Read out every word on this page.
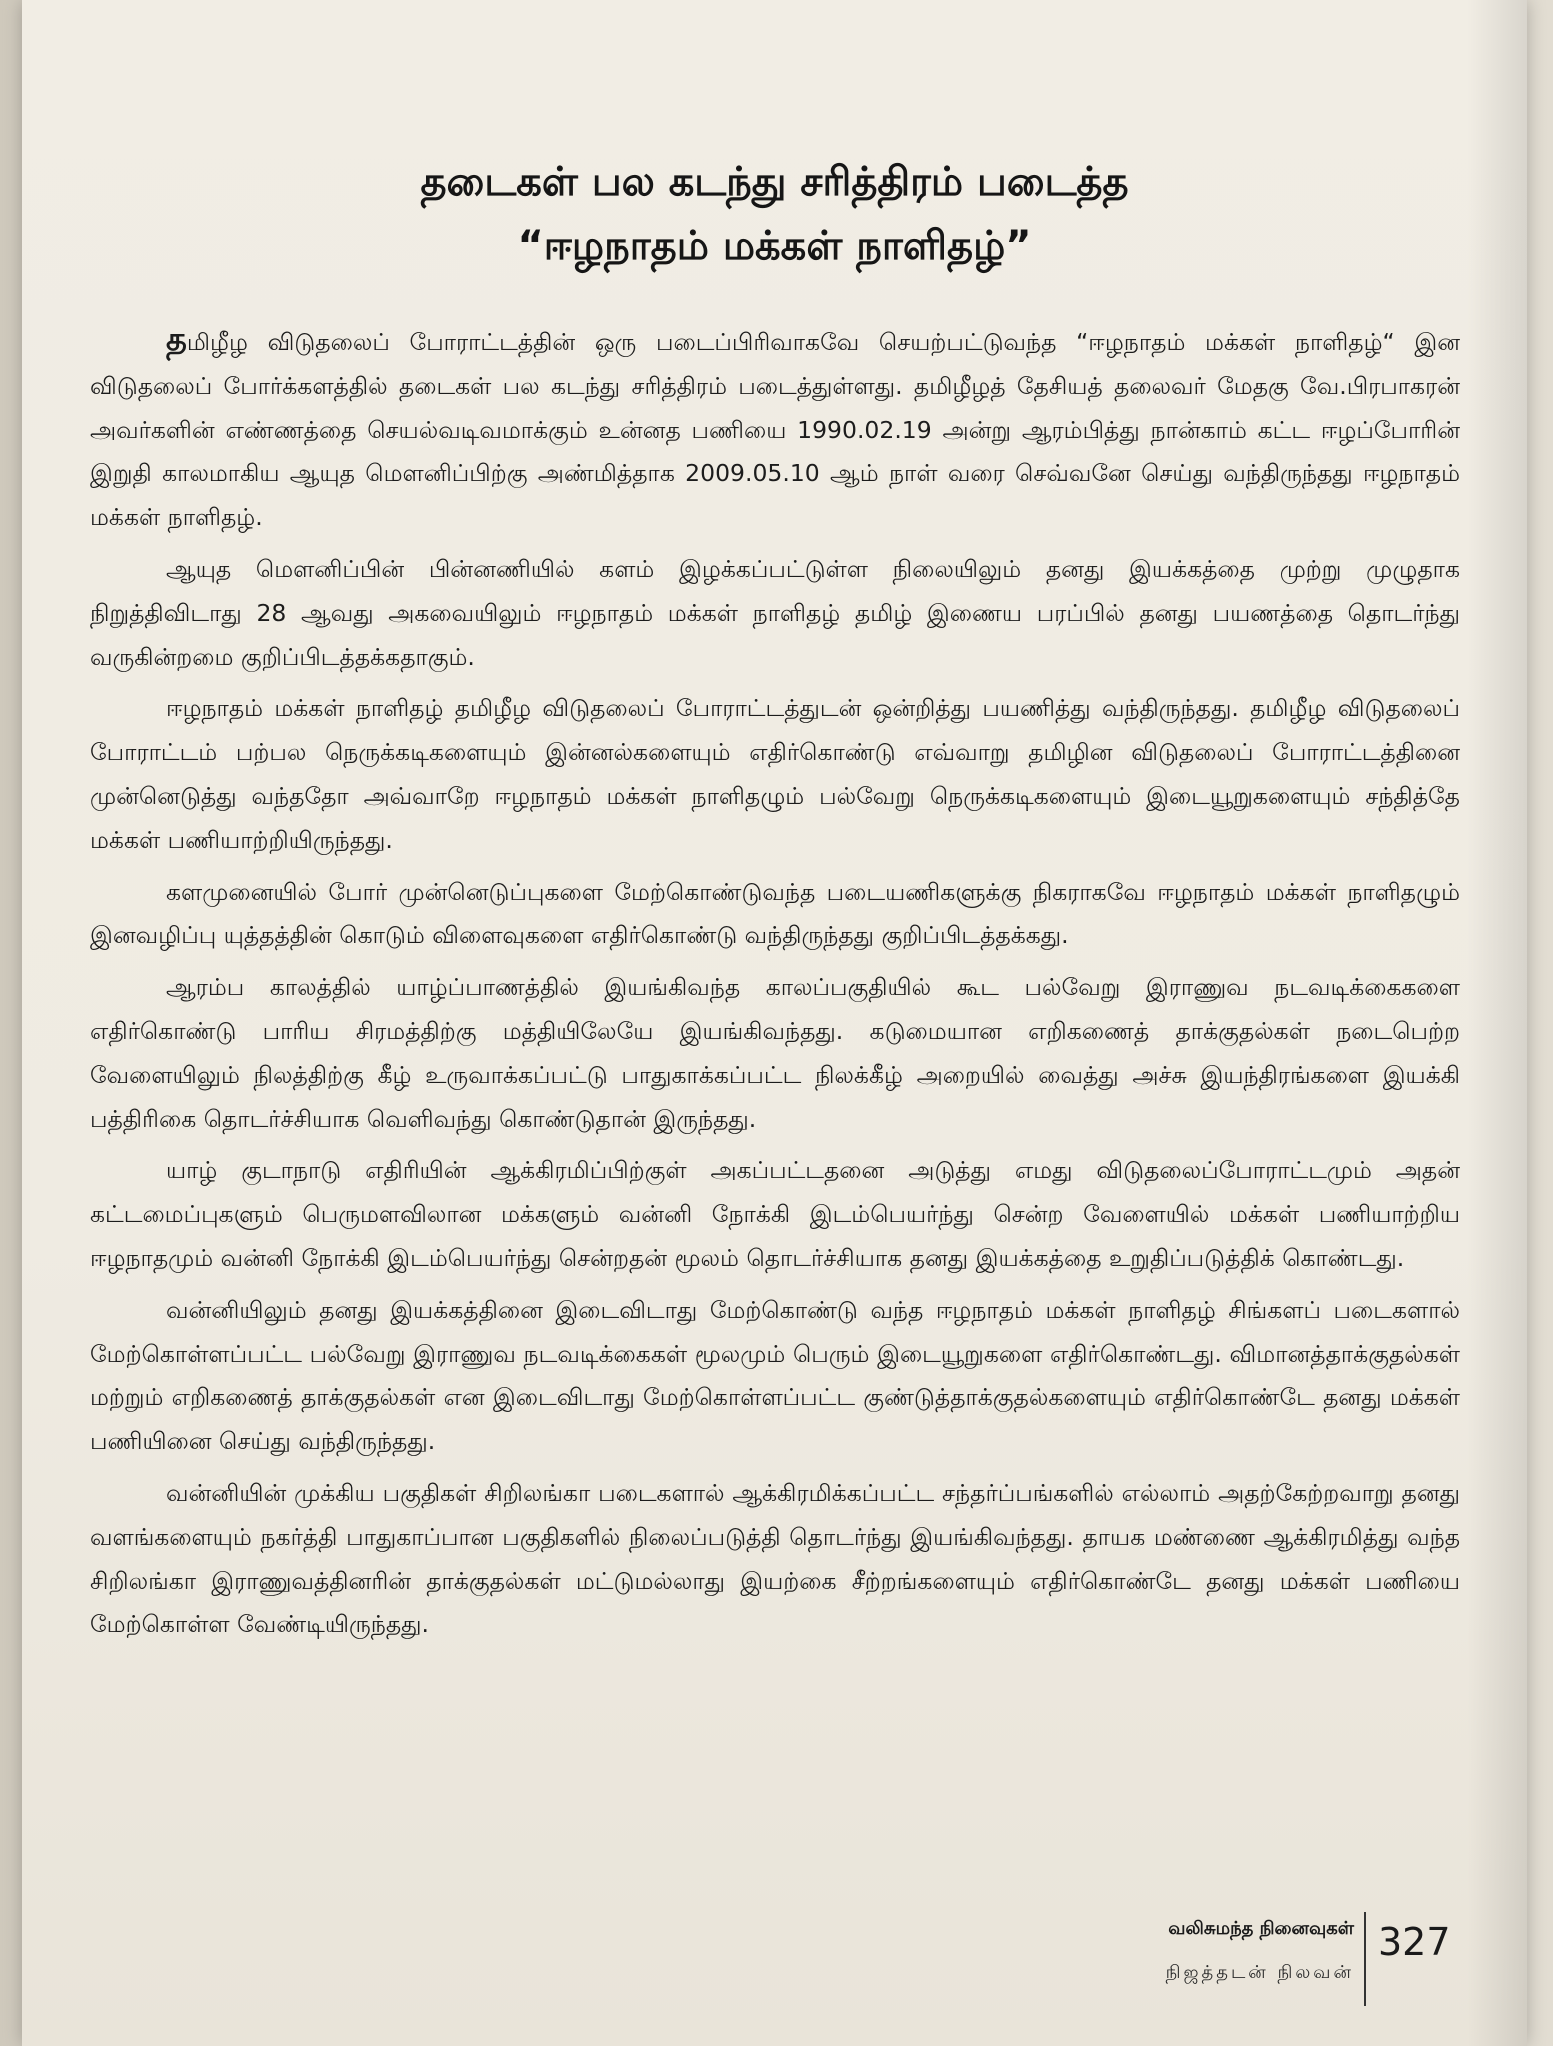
தடைகள் பல கடந்து சரித்திரம் படைத்த
“ஈழநாதம் மக்கள் நாளிதழ்”

தமிழீழ விடுதலைப் போராட்டத்தின் ஒரு படைப்பிரிவாகவே செயற்பட்டுவந்த “ஈழநாதம் மக்கள் நாளிதழ்“ இன விடுதலைப் போர்க்களத்தில் தடைகள் பல கடந்து சரித்திரம் படைத்துள்ளது. தமிழீழத் தேசியத் தலைவர் மேதகு வே.பிரபாகரன் அவர்களின் எண்ணத்தை செயல்வடிவமாக்கும் உன்னத பணியை 1990.02.19 அன்று ஆரம்பித்து நான்காம் கட்ட ஈழப்போரின் இறுதி காலமாகிய ஆயுத மௌனிப்பிற்கு அண்மித்தாக 2009.05.10 ஆம் நாள் வரை செவ்வனே செய்து வந்திருந்தது ஈழநாதம் மக்கள் நாளிதழ்.

ஆயுத மௌனிப்பின் பின்னணியில் களம் இழக்கப்பட்டுள்ள நிலையிலும் தனது இயக்கத்தை முற்று முழுதாக நிறுத்திவிடாது 28 ஆவது அகவையிலும் ஈழநாதம் மக்கள் நாளிதழ் தமிழ் இணைய பரப்பில் தனது பயணத்தை தொடர்ந்து வருகின்றமை குறிப்பிடத்தக்கதாகும்.

ஈழநாதம் மக்கள் நாளிதழ் தமிழீழ விடுதலைப் போராட்டத்துடன் ஒன்றித்து பயணித்து வந்திருந்தது. தமிழீழ விடுதலைப் போராட்டம் பற்பல நெருக்கடிகளையும் இன்னல்களையும் எதிர்கொண்டு எவ்வாறு தமிழின விடுதலைப் போராட்டத்தினை முன்னெடுத்து வந்ததோ அவ்வாறே ஈழநாதம் மக்கள் நாளிதழும் பல்வேறு நெருக்கடிகளையும் இடையூறுகளையும் சந்தித்தே மக்கள் பணியாற்றியிருந்தது.

களமுனையில் போர் முன்னெடுப்புகளை மேற்கொண்டுவந்த படையணிகளுக்கு நிகராகவே ஈழநாதம் மக்கள் நாளிதழும் இனவழிப்பு யுத்தத்தின் கொடும் விளைவுகளை எதிர்கொண்டு வந்திருந்தது குறிப்பிடத்தக்கது.

ஆரம்ப காலத்தில் யாழ்ப்பாணத்தில் இயங்கிவந்த காலப்பகுதியில் கூட பல்வேறு இராணுவ நடவடிக்கைகளை எதிர்கொண்டு பாரிய சிரமத்திற்கு மத்தியிலேயே இயங்கிவந்தது. கடுமையான எறிகணைத் தாக்குதல்கள் நடைபெற்ற வேளையிலும் நிலத்திற்கு கீழ் உருவாக்கப்பட்டு பாதுகாக்கப்பட்ட நிலக்கீழ் அறையில் வைத்து அச்சு இயந்திரங்களை இயக்கி பத்திரிகை தொடர்ச்சியாக வெளிவந்து கொண்டுதான் இருந்தது.

யாழ் குடாநாடு எதிரியின் ஆக்கிரமிப்பிற்குள் அகப்பட்டதனை அடுத்து எமது விடுதலைப்போராட்டமும் அதன் கட்டமைப்புகளும் பெருமளவிலான மக்களும் வன்னி நோக்கி இடம்பெயர்ந்து சென்ற வேளையில் மக்கள் பணியாற்றிய ஈழநாதமும் வன்னி நோக்கி இடம்பெயர்ந்து சென்றதன் மூலம் தொடர்ச்சியாக தனது இயக்கத்தை உறுதிப்படுத்திக் கொண்டது.

வன்னியிலும் தனது இயக்கத்தினை இடைவிடாது மேற்கொண்டு வந்த ஈழநாதம் மக்கள் நாளிதழ் சிங்களப் படைகளால் மேற்கொள்ளப்பட்ட பல்வேறு இராணுவ நடவடிக்கைகள் மூலமும் பெரும் இடையூறுகளை எதிர்கொண்டது. விமானத்தாக்குதல்கள் மற்றும் எறிகணைத் தாக்குதல்கள் என இடைவிடாது மேற்கொள்ளப்பட்ட குண்டுத்தாக்குதல்களையும் எதிர்கொண்டே தனது மக்கள் பணியினை செய்து வந்திருந்தது.

வன்னியின் முக்கிய பகுதிகள் சிறிலங்கா படைகளால் ஆக்கிரமிக்கப்பட்ட சந்தர்ப்பங்களில் எல்லாம் அதற்கேற்றவாறு தனது வளங்களையும் நகர்த்தி பாதுகாப்பான பகுதிகளில் நிலைப்படுத்தி தொடர்ந்து இயங்கிவந்தது. தாயக மண்ணை ஆக்கிரமித்து வந்த சிறிலங்கா இராணுவத்தினரின் தாக்குதல்கள் மட்டுமல்லாது இயற்கை சீற்றங்களையும் எதிர்கொண்டே தனது மக்கள் பணியை மேற்கொள்ள வேண்டியிருந்தது.

வலிசுமந்த நினைவுகள்
நிஜத்தடன் நிலவன்
327
